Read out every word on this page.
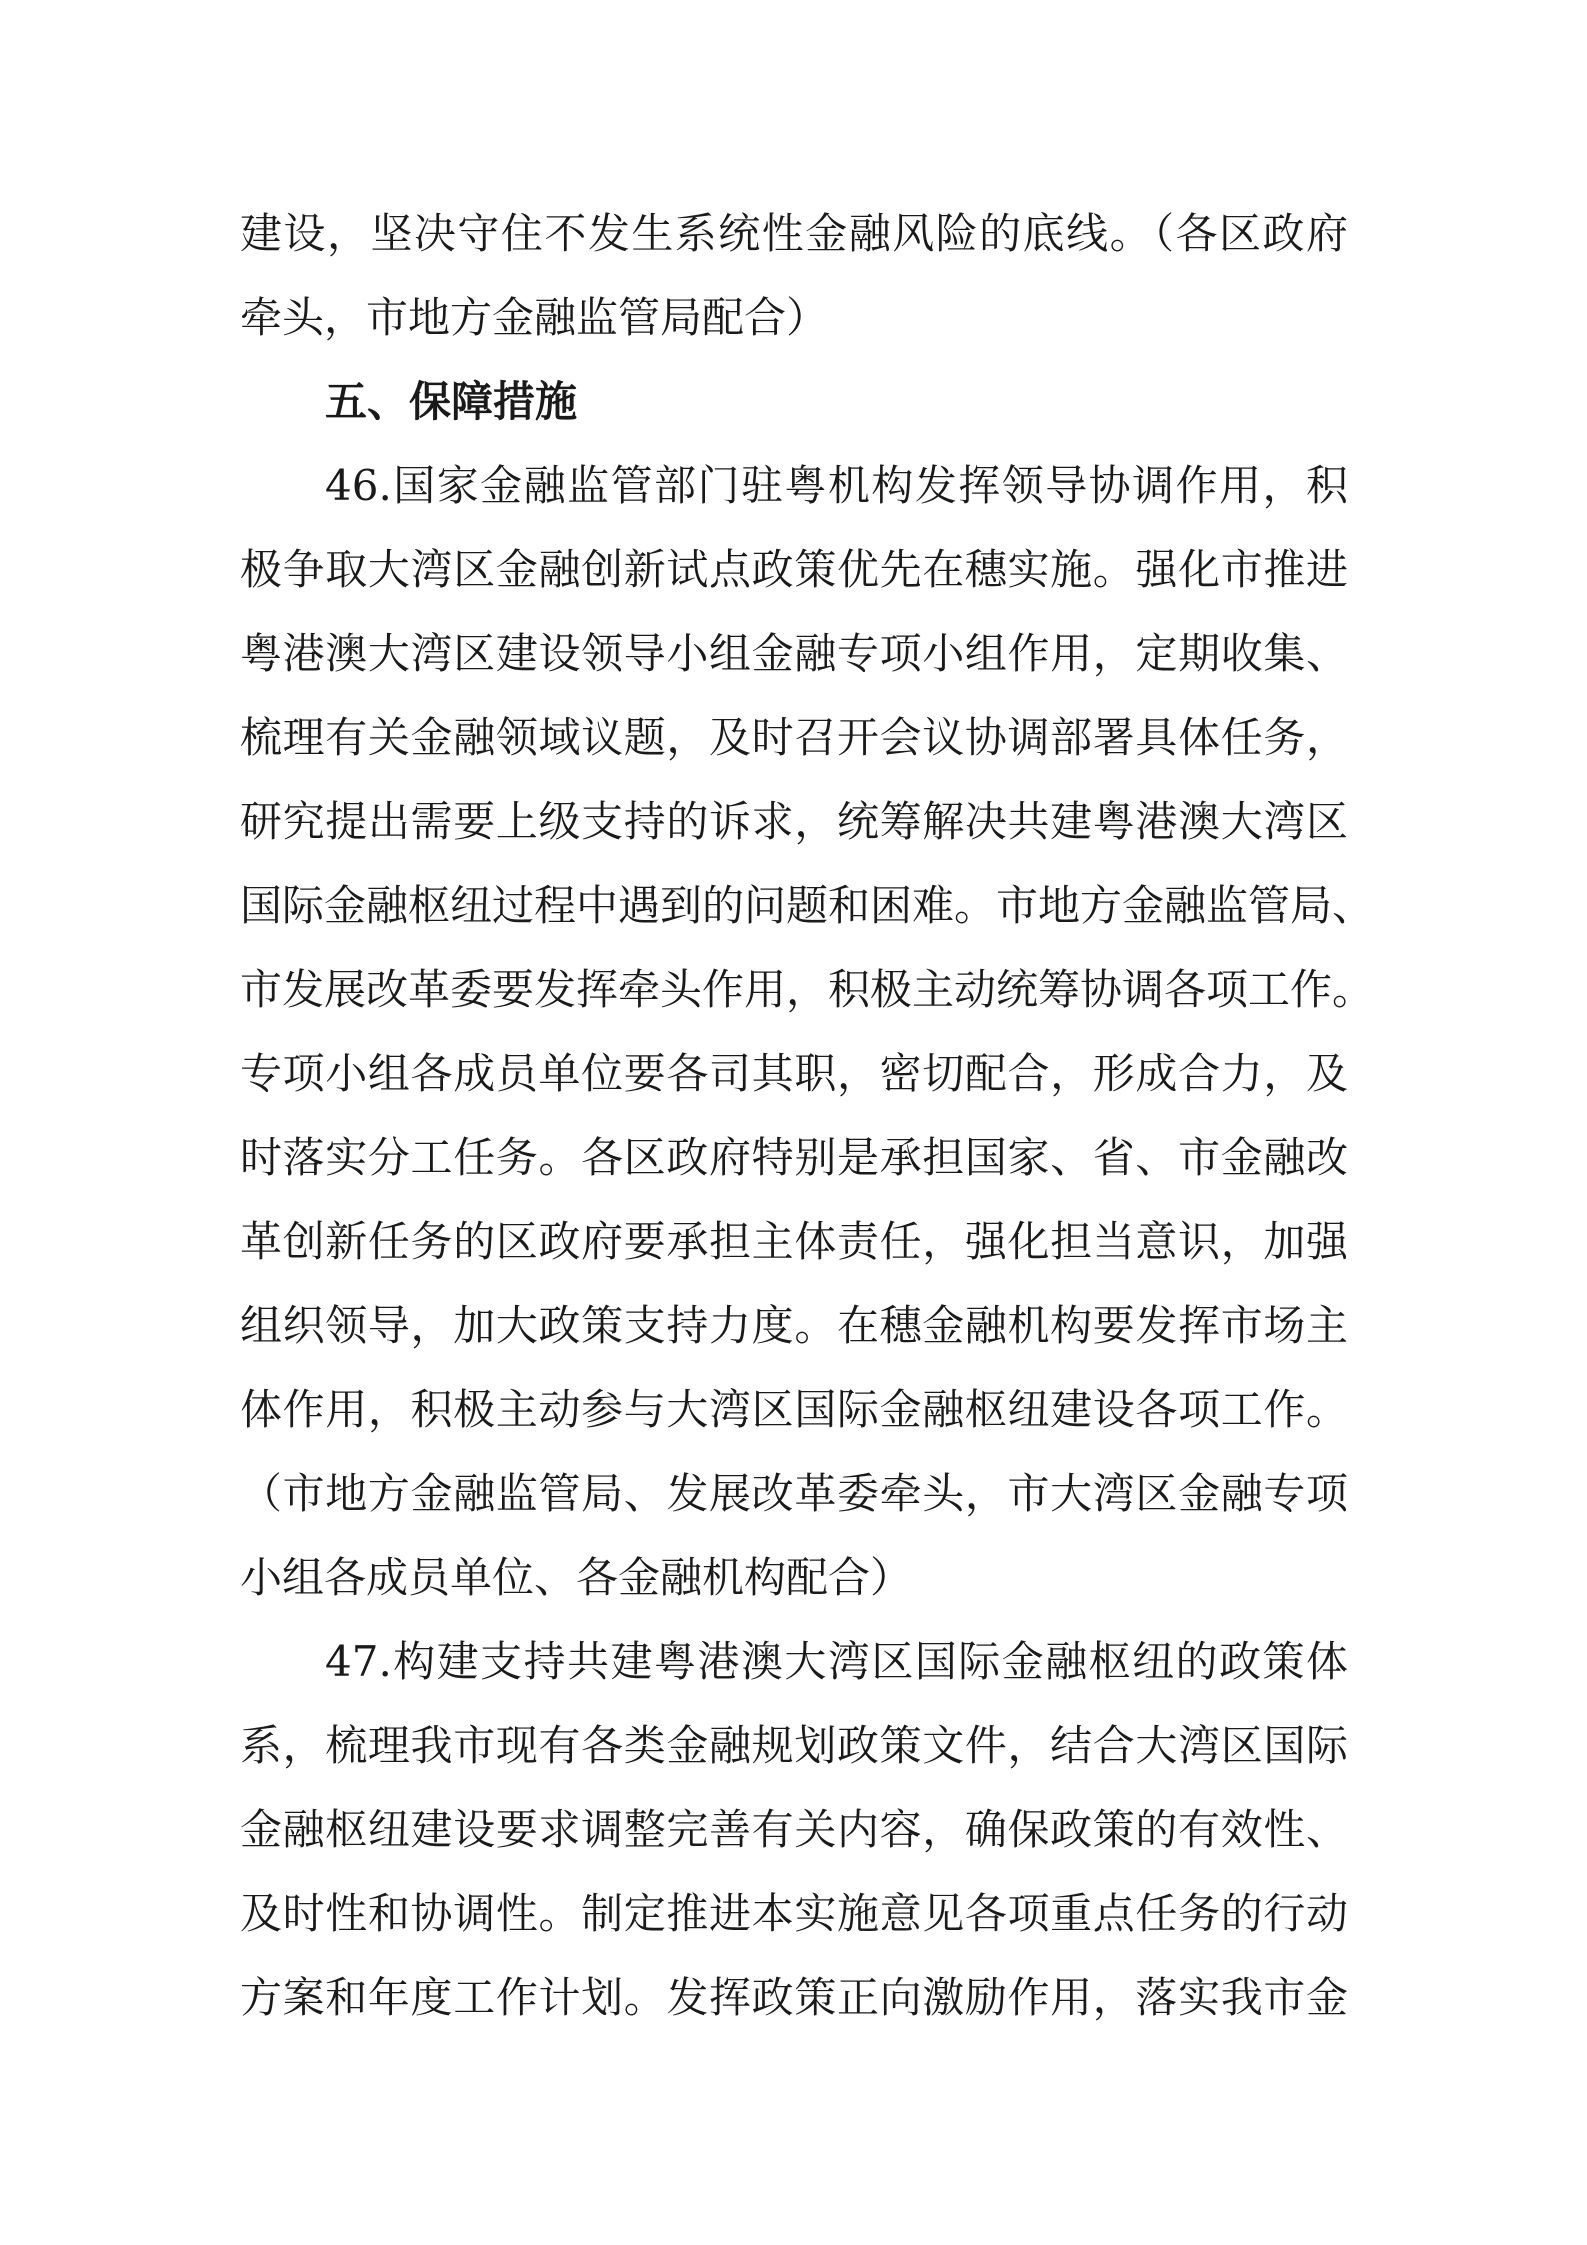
建设，坚决守住不发生系统性金融风险的底线。（各区政府

牵头，市地方金融监管局配合）

五、保障措施

46.国家金融监管部门驻粤机构发挥领导协调作用，积

极争取大湾区金融创新试点政策优先在穗实施。强化市推进

粤港澳大湾区建设领导小组金融专项小组作用，定期收集、

梳理有关金融领域议题，及时召开会议协调部署具体任务，

研究提出需要上级支持的诉求，统筹解决共建粤港澳大湾区

国际金融枢纽过程中遇到的问题和困难。市地方金融监管局、

市发展改革委要发挥牵头作用，积极主动统筹协调各项工作。

专项小组各成员单位要各司其职，密切配合，形成合力，及

时落实分工任务。各区政府特别是承担国家、省、市金融改

革创新任务的区政府要承担主体责任，强化担当意识，加强

组织领导，加大政策支持力度。在穗金融机构要发挥市场主

体作用，积极主动参与大湾区国际金融枢纽建设各项工作。

（市地方金融监管局、发展改革委牵头，市大湾区金融专项

小组各成员单位、各金融机构配合）

47.构建支持共建粤港澳大湾区国际金融枢纽的政策体

系，梳理我市现有各类金融规划政策文件，结合大湾区国际

金融枢纽建设要求调整完善有关内容，确保政策的有效性、

及时性和协调性。制定推进本实施意见各项重点任务的行动

方案和年度工作计划。发挥政策正向激励作用，落实我市金
